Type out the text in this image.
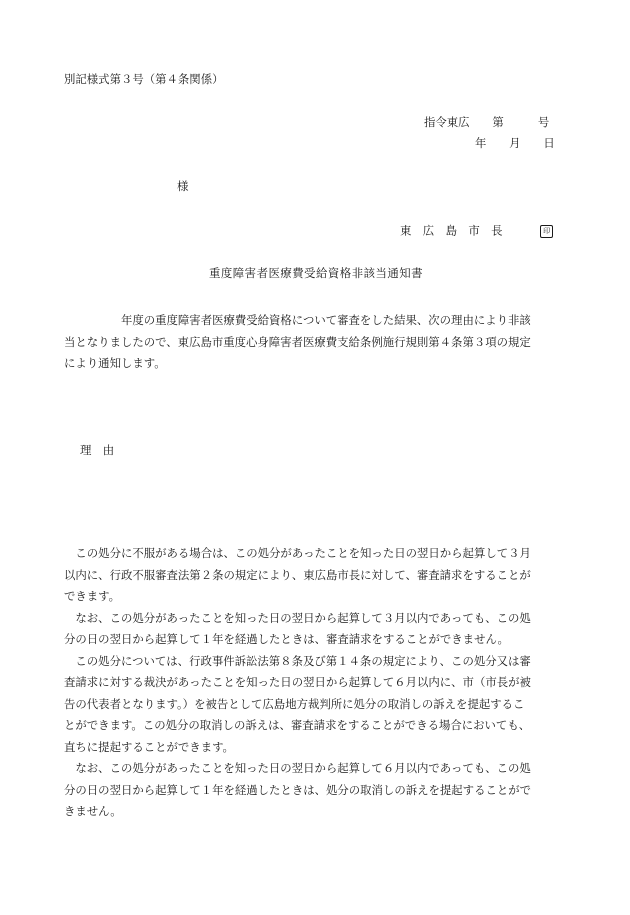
別記様式第３号（第４条関係）
指令東広　　第　　　号
年　　月　　日
様
東　広　島　市　長	印
重度障害者医療費受給資格非該当通知書
　　　　　年度の重度障害者医療費受給資格について審査をした結果、次の理由により非該
当となりましたので、東広島市重度心身障害者医療費支給条例施行規則第４条第３項の規定
により通知します。
理　由
　この処分に不服がある場合は、この処分があったことを知った日の翌日から起算して３月
以内に、行政不服審査法第２条の規定により、東広島市長に対して、審査請求をすることが
できます。
　なお、この処分があったことを知った日の翌日から起算して３月以内であっても、この処
分の日の翌日から起算して１年を経過したときは、審査請求をすることができません。
　この処分については、行政事件訴訟法第８条及び第１４条の規定により、この処分又は審
査請求に対する裁決があったことを知った日の翌日から起算して６月以内に、市（市長が被
告の代表者となります。）を被告として広島地方裁判所に処分の取消しの訴えを提起するこ
とができます。この処分の取消しの訴えは、審査請求をすることができる場合においても、
直ちに提起することができます。
　なお、この処分があったことを知った日の翌日から起算して６月以内であっても、この処
分の日の翌日から起算して１年を経過したときは、処分の取消しの訴えを提起することがで
きません。
